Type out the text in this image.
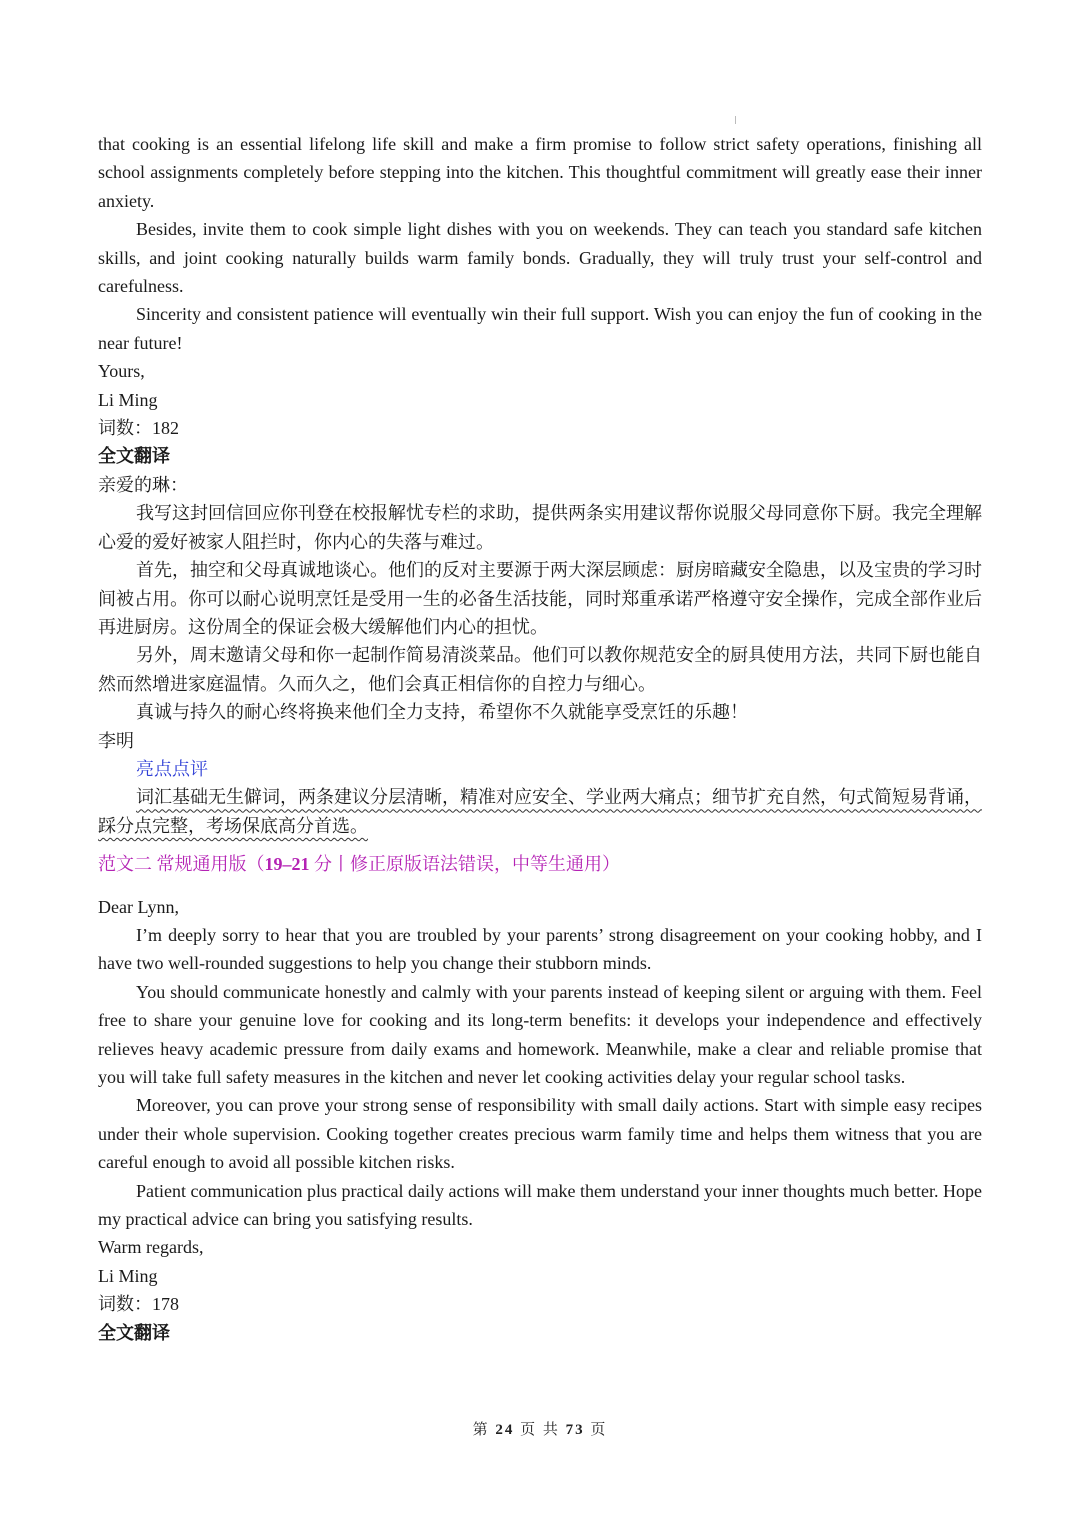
that cooking is an essential lifelong life skill and make a firm promise to follow strict safety operations, finishing all school assignments completely before stepping into the kitchen. This thoughtful commitment will greatly ease their inner anxiety.

Besides, invite them to cook simple light dishes with you on weekends. They can teach you standard safe kitchen skills, and joint cooking naturally builds warm family bonds. Gradually, they will truly trust your self-control and carefulness.

Sincerity and consistent patience will eventually win their full support. Wish you can enjoy the fun of cooking in the near future!

Yours,

Li Ming

词数：182

全文翻译

亲爱的琳：

我写这封回信回应你刊登在校报解忧专栏的求助，提供两条实用建议帮你说服父母同意你下厨。我完全理解心爱的爱好被家人阻拦时，你内心的失落与难过。

首先，抽空和父母真诚地谈心。他们的反对主要源于两大深层顾虑：厨房暗藏安全隐患，以及宝贵的学习时间被占用。你可以耐心说明烹饪是受用一生的必备生活技能，同时郑重承诺严格遵守安全操作，完成全部作业后再进厨房。这份周全的保证会极大缓解他们内心的担忧。

另外，周末邀请父母和你一起制作简易清淡菜品。他们可以教你规范安全的厨具使用方法，共同下厨也能自然而然增进家庭温情。久而久之，他们会真正相信你的自控力与细心。

真诚与持久的耐心终将换来他们全力支持，希望你不久就能享受烹饪的乐趣！

李明

亮点点评

词汇基础无生僻词，两条建议分层清晰，精准对应安全、学业两大痛点；细节扩充自然，句式简短易背诵，踩分点完整，考场保底高分首选。

范文二 常规通用版（19–21 分丨修正原版语法错误，中等生通用）

Dear Lynn,

I’m deeply sorry to hear that you are troubled by your parents’ strong disagreement on your cooking hobby, and I have two well-rounded suggestions to help you change their stubborn minds.

You should communicate honestly and calmly with your parents instead of keeping silent or arguing with them. Feel free to share your genuine love for cooking and its long-term benefits: it develops your independence and effectively relieves heavy academic pressure from daily exams and homework. Meanwhile, make a clear and reliable promise that you will take full safety measures in the kitchen and never let cooking activities delay your regular school tasks.

Moreover, you can prove your strong sense of responsibility with small daily actions. Start with simple easy recipes under their whole supervision. Cooking together creates precious warm family time and helps them witness that you are careful enough to avoid all possible kitchen risks.

Patient communication plus practical daily actions will make them understand your inner thoughts much better. Hope my practical advice can bring you satisfying results.

Warm regards,

Li Ming

词数：178

全文翻译

第 24 页 共 73 页
